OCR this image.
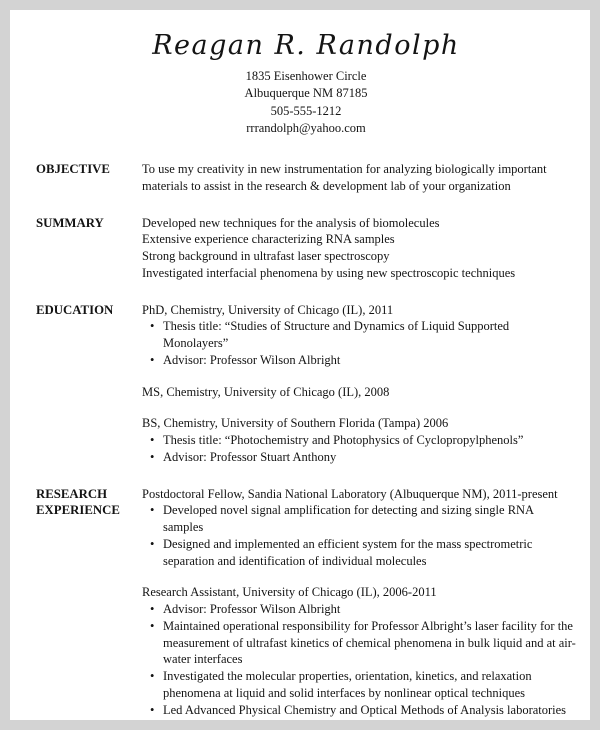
Reagan R. Randolph
1835 Eisenhower Circle
Albuquerque NM 87185
505-555-1212
rrrandolph@yahoo.com
OBJECTIVE	To use my creativity in new instrumentation for analyzing biologically important materials to assist in the research & development lab of your organization

SUMMARY	Developed new techniques for the analysis of biomolecules
Extensive experience characterizing RNA samples
Strong background in ultrafast laser spectroscopy
Investigated interfacial phenomena by using new spectroscopic techniques
EDUCATION	PhD, Chemistry, University of Chicago (IL), 2011
• Thesis title: “Studies of Structure and Dynamics of Liquid Supported Monolayers”
• Advisor: Professor Wilson Albright
MS, Chemistry, University of Chicago (IL), 2008
BS, Chemistry, University of Southern Florida (Tampa) 2006
• Thesis title: “Photochemistry and Photophysics of Cyclopropylphenols”
• Advisor: Professor Stuart Anthony
RESEARCH EXPERIENCE
Postdoctoral Fellow, Sandia National Laboratory (Albuquerque NM), 2011-present
• Developed novel signal amplification for detecting and sizing single RNA samples
• Designed and implemented an efficient system for the mass spectrometric separation and identification of individual molecules
Research Assistant, University of Chicago (IL), 2006-2011
• Advisor: Professor Wilson Albright
• Maintained operational responsibility for Professor Albright’s laser facility for the measurement of ultrafast kinetics of chemical phenomena in bulk liquid and at air-water interfaces
• Investigated the molecular properties, orientation, kinetics, and relaxation phenomena at liquid and solid interfaces by nonlinear optical techniques
• Led Advanced Physical Chemistry and Optical Methods of Analysis laboratories
